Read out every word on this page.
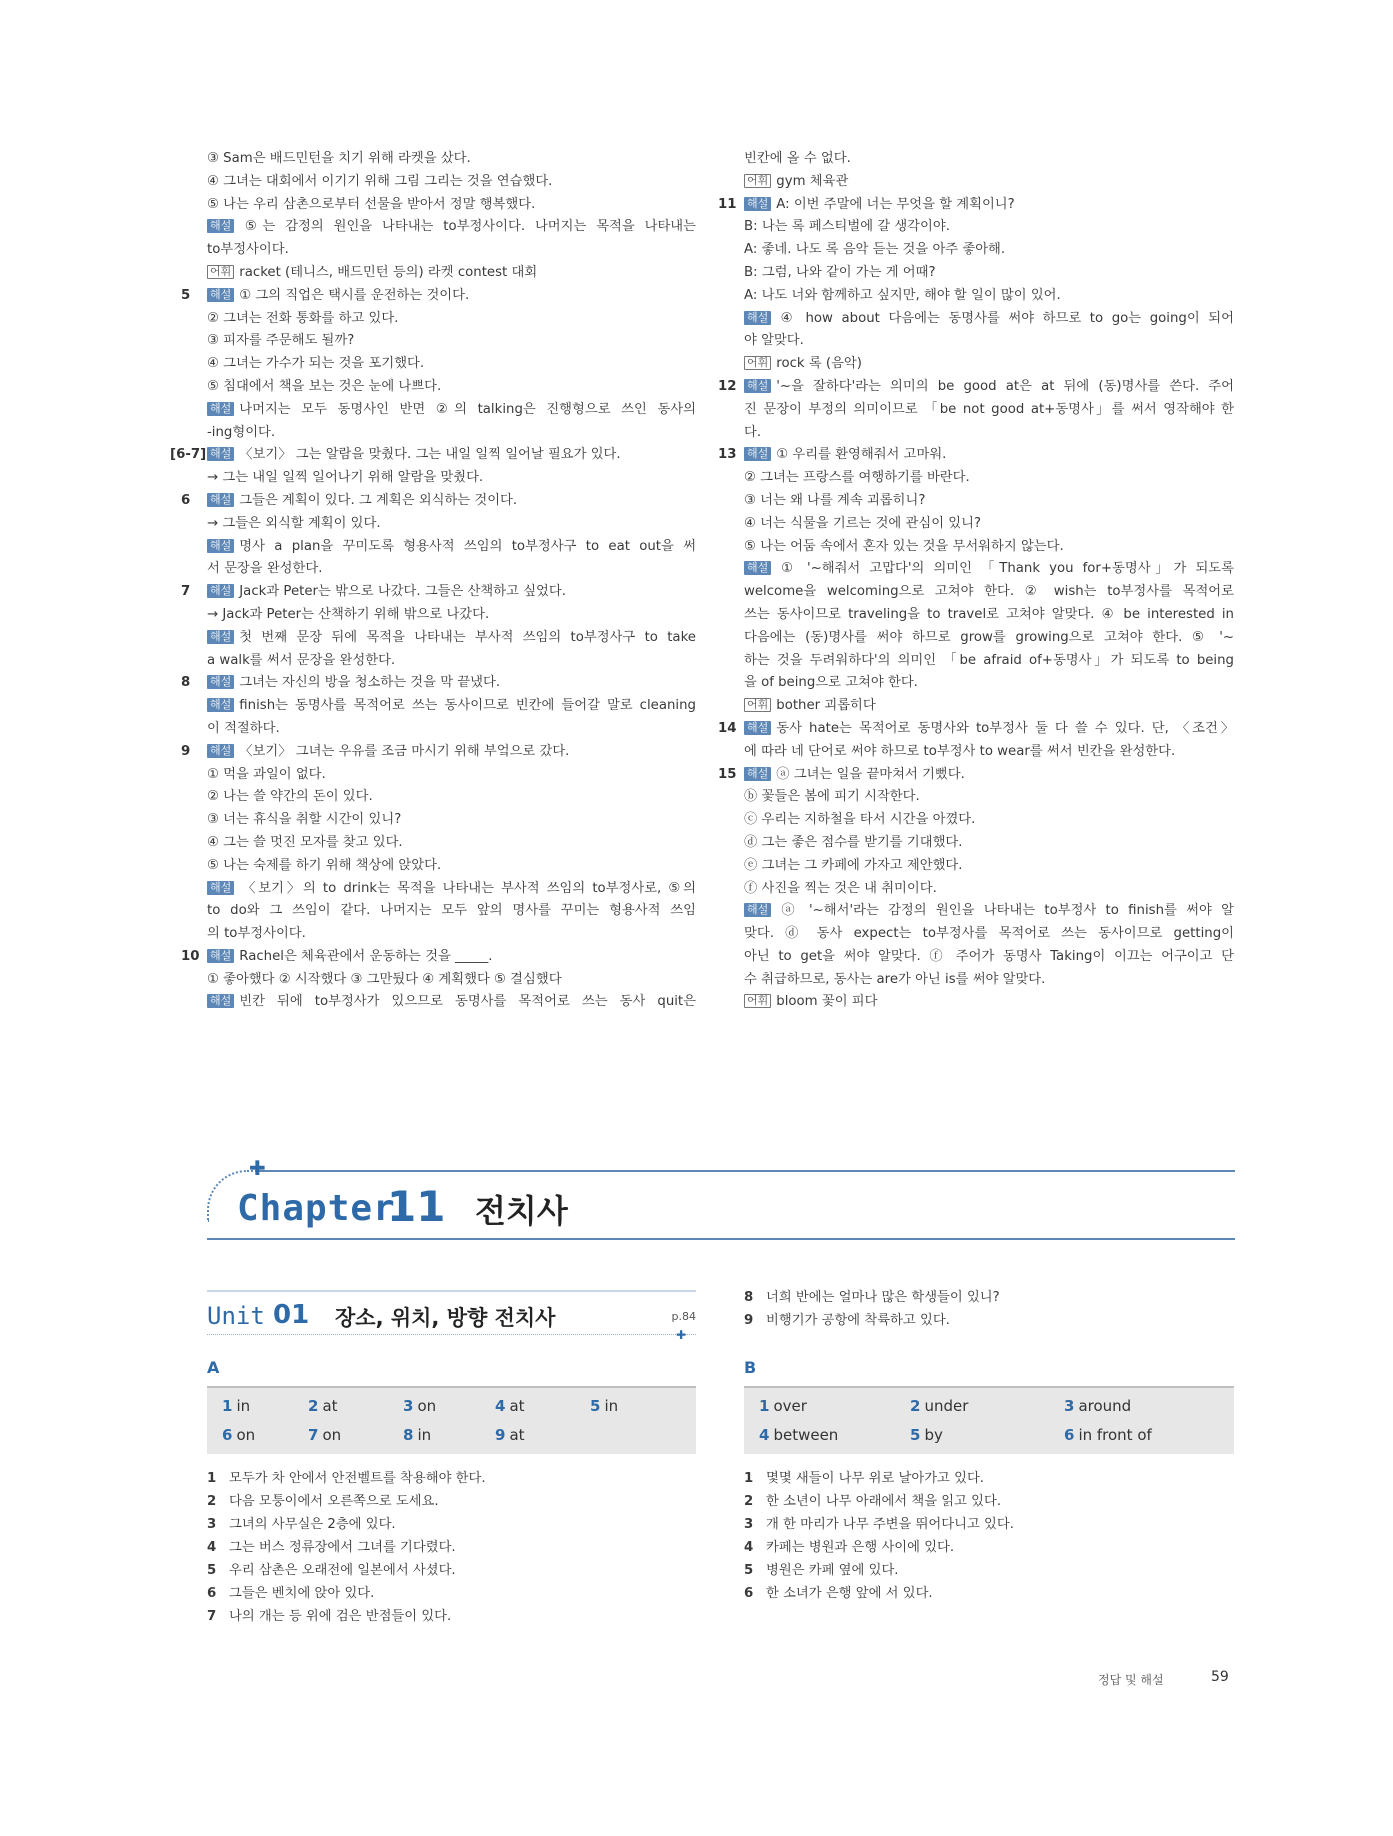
③ Sam은 배드민턴을 치기 위해 라켓을 샀다.
④ 그녀는 대회에서 이기기 위해 그림 그리는 것을 연습했다.
⑤ 나는 우리 삼촌으로부터 선물을 받아서 정말 행복했다.
해설 ⑤는 감정의 원인을 나타내는 to부정사이다. 나머지는 목적을 나타내는
to부정사이다.
어휘 racket (테니스, 배드민턴 등의) 라켓 contest 대회
5 해설 ① 그의 직업은 택시를 운전하는 것이다.
② 그녀는 전화 통화를 하고 있다.
③ 피자를 주문해도 될까?
④ 그녀는 가수가 되는 것을 포기했다.
⑤ 침대에서 책을 보는 것은 눈에 나쁘다.
해설 나머지는 모두 동명사인 반면 ②의 talking은 진행형으로 쓰인 동사의
-ing형이다.
[6-7] 해설 〈보기〉 그는 알람을 맞췄다. 그는 내일 일찍 일어날 필요가 있다.
→ 그는 내일 일찍 일어나기 위해 알람을 맞췄다.
6 해설 그들은 계획이 있다. 그 계획은 외식하는 것이다.
→ 그들은 외식할 계획이 있다.
해설 명사 a plan을 꾸미도록 형용사적 쓰임의 to부정사구 to eat out을 써
서 문장을 완성한다.
7 해설 Jack과 Peter는 밖으로 나갔다. 그들은 산책하고 싶었다.
→ Jack과 Peter는 산책하기 위해 밖으로 나갔다.
해설 첫 번째 문장 뒤에 목적을 나타내는 부사적 쓰임의 to부정사구 to take
a walk를 써서 문장을 완성한다.
8 해설 그녀는 자신의 방을 청소하는 것을 막 끝냈다.
해설 finish는 동명사를 목적어로 쓰는 동사이므로 빈칸에 들어갈 말로 cleaning
이 적절하다.
9 해설 〈보기〉 그녀는 우유를 조금 마시기 위해 부엌으로 갔다.
① 먹을 과일이 없다.
② 나는 쓸 약간의 돈이 있다.
③ 너는 휴식을 취할 시간이 있니?
④ 그는 쓸 멋진 모자를 찾고 있다.
⑤ 나는 숙제를 하기 위해 책상에 앉았다.
해설 〈보기〉의 to drink는 목적을 나타내는 부사적 쓰임의 to부정사로, ⑤의
to do와 그 쓰임이 같다. 나머지는 모두 앞의 명사를 꾸미는 형용사적 쓰임
의 to부정사이다.
10 해설 Rachel은 체육관에서 운동하는 것을 _____.
① 좋아했다 ② 시작했다 ③ 그만뒀다 ④ 계획했다 ⑤ 결심했다
해설 빈칸 뒤에 to부정사가 있으므로 동명사를 목적어로 쓰는 동사 quit은
빈칸에 올 수 없다.
어휘 gym 체육관
11 해설 A: 이번 주말에 너는 무엇을 할 계획이니?
B: 나는 록 페스티벌에 갈 생각이야.
A: 좋네. 나도 록 음악 듣는 것을 아주 좋아해.
B: 그럼, 나와 같이 가는 게 어때?
A: 나도 너와 함께하고 싶지만, 해야 할 일이 많이 있어.
해설 ④ how about 다음에는 동명사를 써야 하므로 to go는 going이 되어
야 알맞다.
어휘 rock 록 (음악)
12 해설 '~을 잘하다'라는 의미의 be good at은 at 뒤에 (동)명사를 쓴다. 주어
진 문장이 부정의 의미이므로 「be not good at+동명사」를 써서 영작해야 한
다.
13 해설 ① 우리를 환영해줘서 고마워.
② 그녀는 프랑스를 여행하기를 바란다.
③ 너는 왜 나를 계속 괴롭히니?
④ 너는 식물을 기르는 것에 관심이 있니?
⑤ 나는 어둠 속에서 혼자 있는 것을 무서워하지 않는다.
해설 ① '~해줘서 고맙다'의 의미인 「Thank you for+동명사」가 되도록
welcome을 welcoming으로 고쳐야 한다. ② wish는 to부정사를 목적어로
쓰는 동사이므로 traveling을 to travel로 고쳐야 알맞다. ④ be interested in
다음에는 (동)명사를 써야 하므로 grow를 growing으로 고쳐야 한다. ⑤ '~
하는 것을 두려워하다'의 의미인 「be afraid of+동명사」가 되도록 to being
을 of being으로 고쳐야 한다.
어휘 bother 괴롭히다
14 해설 동사 hate는 목적어로 동명사와 to부정사 둘 다 쓸 수 있다. 단, 〈조건〉
에 따라 네 단어로 써야 하므로 to부정사 to wear를 써서 빈칸을 완성한다.
15 해설 ⓐ 그녀는 일을 끝마쳐서 기뻤다.
ⓑ 꽃들은 봄에 피기 시작한다.
ⓒ 우리는 지하철을 타서 시간을 아꼈다.
ⓓ 그는 좋은 점수를 받기를 기대했다.
ⓔ 그녀는 그 카페에 가자고 제안했다.
ⓕ 사진을 찍는 것은 내 취미이다.
해설 ⓐ '~해서'라는 감정의 원인을 나타내는 to부정사 to finish를 써야 알
맞다. ⓓ 동사 expect는 to부정사를 목적어로 쓰는 동사이므로 getting이
아닌 to get을 써야 알맞다. ⓕ 주어가 동명사 Taking이 이끄는 어구이고 단
수 취급하므로, 동사는 are가 아닌 is를 써야 알맞다.
어휘 bloom 꽃이 피다
✚
Chapter
11 전치사
Unit 01 장소, 위치, 방향 전치사	p.84
✚
A
1 in	2 at	3 on	4 at	5 in
6 on	7 on	8 in	9 at
1 모두가 차 안에서 안전벨트를 착용해야 한다.
2 다음 모퉁이에서 오른쪽으로 도세요.
3 그녀의 사무실은 2층에 있다.
4 그는 버스 정류장에서 그녀를 기다렸다.
5 우리 삼촌은 오래전에 일본에서 사셨다.
6 그들은 벤치에 앉아 있다.
7 나의 개는 등 위에 검은 반점들이 있다.
8 너희 반에는 얼마나 많은 학생들이 있니?
9 비행기가 공항에 착륙하고 있다.
B
1 over	2 under	3 around
4 between	5 by	6 in front of
1 몇몇 새들이 나무 위로 날아가고 있다.
2 한 소년이 나무 아래에서 책을 읽고 있다.
3 개 한 마리가 나무 주변을 뛰어다니고 있다.
4 카페는 병원과 은행 사이에 있다.
5 병원은 카페 옆에 있다.
6 한 소녀가 은행 앞에 서 있다.
정답 및 해설	59
